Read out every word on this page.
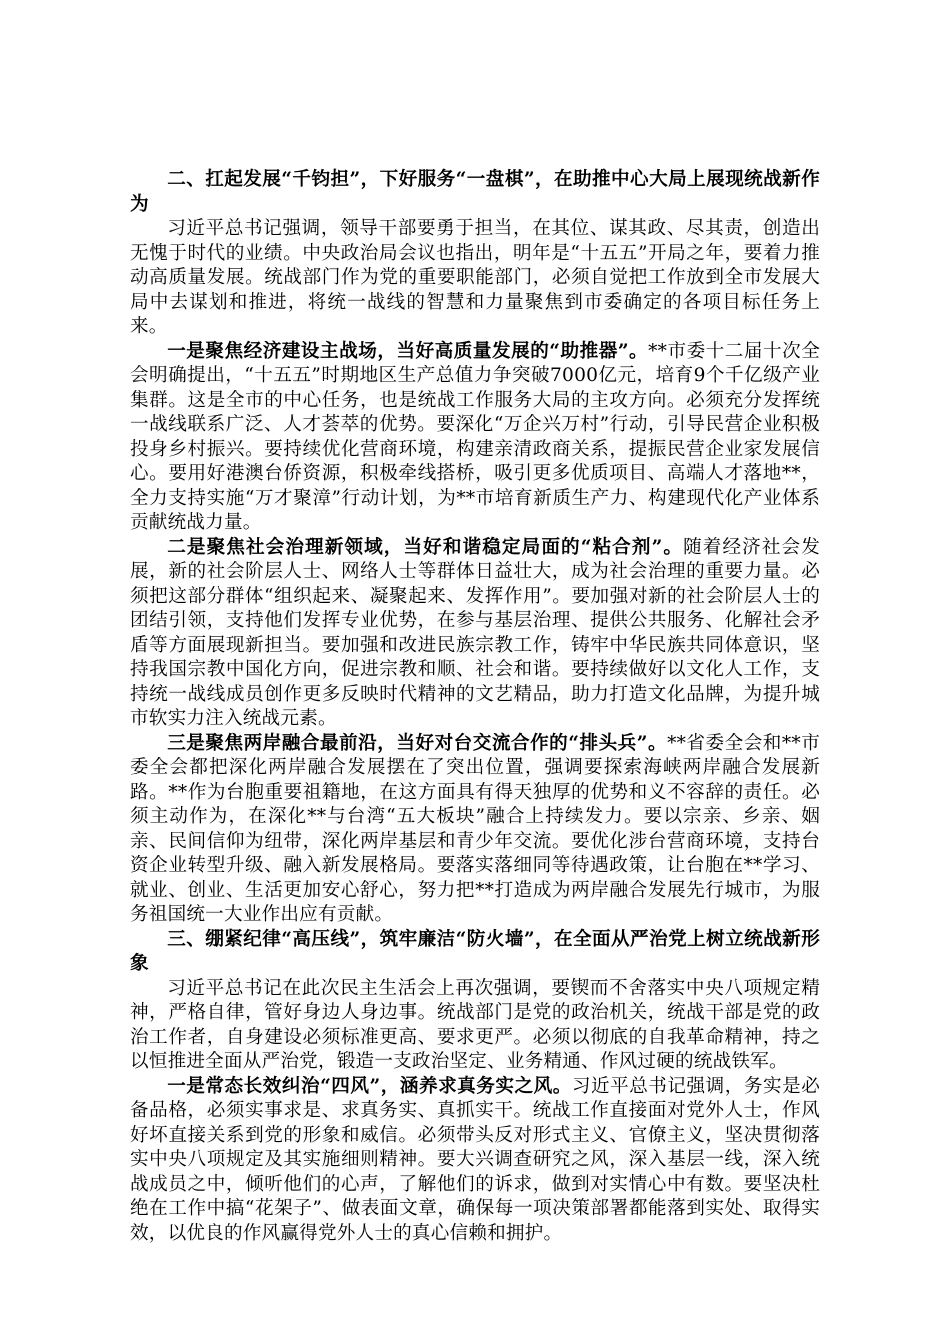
二、扛起发展“千钧担”，下好服务“一盘棋”，在助推中心大局上展现统战新作为

习近平总书记强调，领导干部要勇于担当，在其位、谋其政、尽其责，创造出无愧于时代的业绩。中央政治局会议也指出，明年是“十五五”开局之年，要着力推动高质量发展。统战部门作为党的重要职能部门，必须自觉把工作放到全市发展大局中去谋划和推进，将统一战线的智慧和力量聚焦到市委确定的各项目标任务上来。

一是聚焦经济建设主战场，当好高质量发展的“助推器”。**市委十二届十次全会明确提出，“十五五”时期地区生产总值力争突破7000亿元，培育9个千亿级产业集群。这是全市的中心任务，也是统战工作服务大局的主攻方向。必须充分发挥统一战线联系广泛、人才荟萃的优势。要深化“万企兴万村”行动，引导民营企业积极投身乡村振兴。要持续优化营商环境，构建亲清政商关系，提振民营企业家发展信心。要用好港澳台侨资源，积极牵线搭桥，吸引更多优质项目、高端人才落地**，全力支持实施“万才聚漳”行动计划，为**市培育新质生产力、构建现代化产业体系贡献统战力量。

二是聚焦社会治理新领域，当好和谐稳定局面的“粘合剂”。随着经济社会发展，新的社会阶层人士、网络人士等群体日益壮大，成为社会治理的重要力量。必须把这部分群体“组织起来、凝聚起来、发挥作用”。要加强对新的社会阶层人士的团结引领，支持他们发挥专业优势，在参与基层治理、提供公共服务、化解社会矛盾等方面展现新担当。要加强和改进民族宗教工作，铸牢中华民族共同体意识，坚持我国宗教中国化方向，促进宗教和顺、社会和谐。要持续做好以文化人工作，支持统一战线成员创作更多反映时代精神的文艺精品，助力打造文化品牌，为提升城市软实力注入统战元素。

三是聚焦两岸融合最前沿，当好对台交流合作的“排头兵”。**省委全会和**市委全会都把深化两岸融合发展摆在了突出位置，强调要探索海峡两岸融合发展新路。**作为台胞重要祖籍地，在这方面具有得天独厚的优势和义不容辞的责任。必须主动作为，在深化**与台湾“五大板块”融合上持续发力。要以宗亲、乡亲、姻亲、民间信仰为纽带，深化两岸基层和青少年交流。要优化涉台营商环境，支持台资企业转型升级、融入新发展格局。要落实落细同等待遇政策，让台胞在**学习、就业、创业、生活更加安心舒心，努力把**打造成为两岸融合发展先行城市，为服务祖国统一大业作出应有贡献。

三、绷紧纪律“高压线”，筑牢廉洁“防火墙”，在全面从严治党上树立统战新形象

习近平总书记在此次民主生活会上再次强调，要锲而不舍落实中央八项规定精神，严格自律，管好身边人身边事。统战部门是党的政治机关，统战干部是党的政治工作者，自身建设必须标准更高、要求更严。必须以彻底的自我革命精神，持之以恒推进全面从严治党，锻造一支政治坚定、业务精通、作风过硬的统战铁军。

一是常态长效纠治“四风”，涵养求真务实之风。习近平总书记强调，务实是必备品格，必须实事求是、求真务实、真抓实干。统战工作直接面对党外人士，作风好坏直接关系到党的形象和威信。必须带头反对形式主义、官僚主义，坚决贯彻落实中央八项规定及其实施细则精神。要大兴调查研究之风，深入基层一线，深入统战成员之中，倾听他们的心声，了解他们的诉求，做到对实情心中有数。要坚决杜绝在工作中搞“花架子”、做表面文章，确保每一项决策部署都能落到实处、取得实效，以优良的作风赢得党外人士的真心信赖和拥护。
